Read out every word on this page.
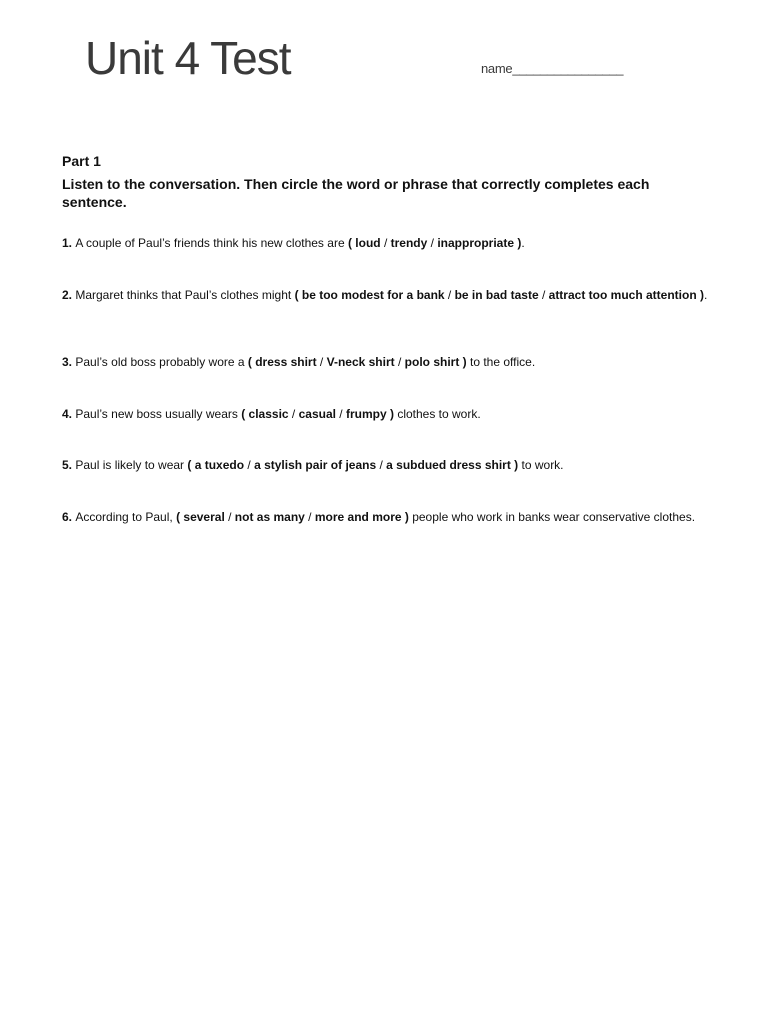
Unit 4 Test	name________________
Part 1
Listen to the conversation. Then circle the word or phrase that correctly completes each sentence.
1. A couple of Paul’s friends think his new clothes are ( loud / trendy / inappropriate ).
2. Margaret thinks that Paul’s clothes might ( be too modest for a bank / be in bad taste / attract too much attention ).
3. Paul’s old boss probably wore a ( dress shirt / V-neck shirt / polo shirt ) to the office.
4. Paul’s new boss usually wears ( classic / casual / frumpy ) clothes to work.
5. Paul is likely to wear ( a tuxedo / a stylish pair of jeans / a subdued dress shirt ) to work.
6. According to Paul, ( several / not as many / more and more ) people who work in banks wear conservative clothes.
